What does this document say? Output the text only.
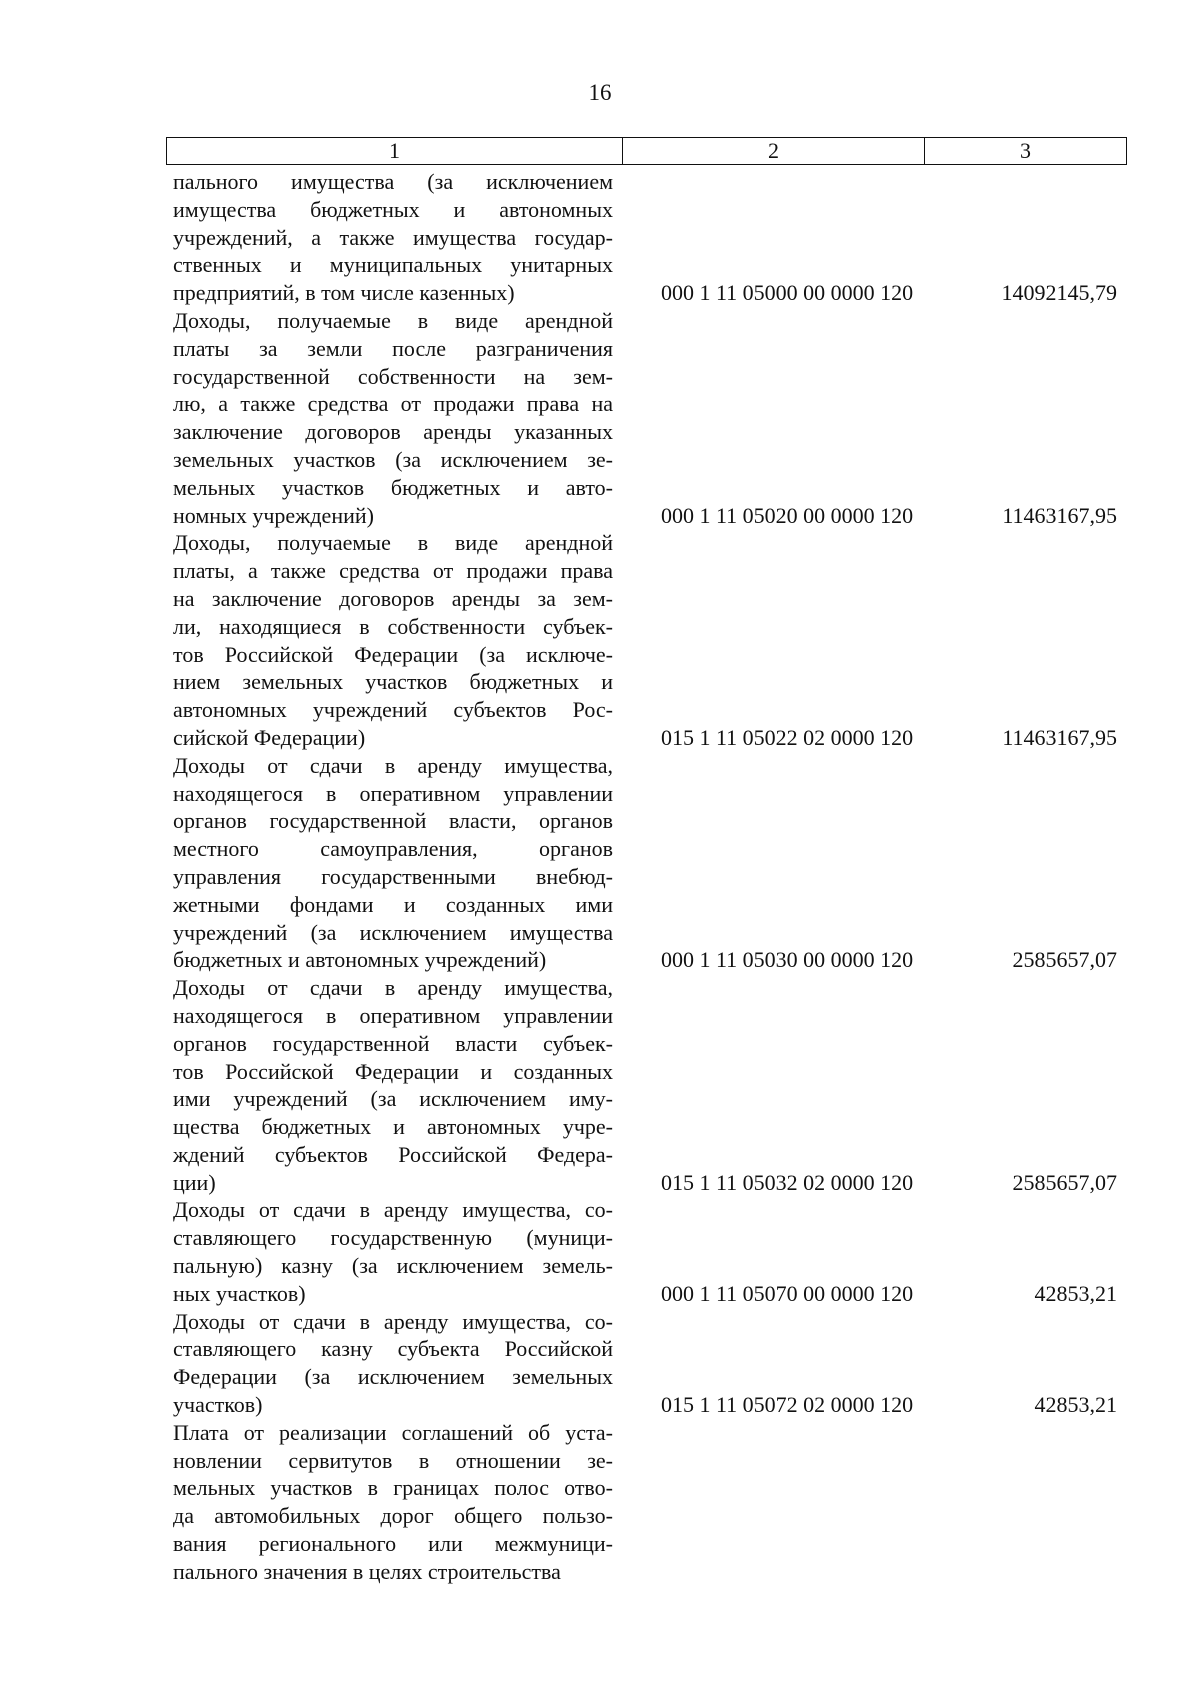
16
1	2	3
пального имущества (за исключением
имущества бюджетных и автономных
учреждений, а также имущества государ-
ственных и муниципальных унитарных
предприятий, в том числе казенных)	000 1 11 05000 00 0000 120	14092145,79
Доходы, получаемые в виде арендной
платы за земли после разграничения
государственной собственности на зем-
лю, а также средства от продажи права на
заключение договоров аренды указанных
земельных участков (за исключением зе-
мельных участков бюджетных и авто-
номных учреждений)	000 1 11 05020 00 0000 120	11463167,95
Доходы, получаемые в виде арендной
платы, а также средства от продажи права
на заключение договоров аренды за зем-
ли, находящиеся в собственности субъек-
тов Российской Федерации (за исключе-
нием земельных участков бюджетных и
автономных учреждений субъектов Рос-
сийской Федерации)	015 1 11 05022 02 0000 120	11463167,95
Доходы от сдачи в аренду имущества,
находящегося в оперативном управлении
органов государственной власти, органов
местного самоуправления, органов
управления государственными внебюд-
жетными фондами и созданных ими
учреждений (за исключением имущества
бюджетных и автономных учреждений)	000 1 11 05030 00 0000 120	2585657,07
Доходы от сдачи в аренду имущества,
находящегося в оперативном управлении
органов государственной власти субъек-
тов Российской Федерации и созданных
ими учреждений (за исключением иму-
щества бюджетных и автономных учре-
ждений субъектов Российской Федера-
ции)	015 1 11 05032 02 0000 120	2585657,07
Доходы от сдачи в аренду имущества, со-
ставляющего государственную (муници-
пальную) казну (за исключением земель-
ных участков)	000 1 11 05070 00 0000 120	42853,21
Доходы от сдачи в аренду имущества, со-
ставляющего казну субъекта Российской
Федерации (за исключением земельных
участков)	015 1 11 05072 02 0000 120	42853,21
Плата от реализации соглашений об уста-
новлении сервитутов в отношении зе-
мельных участков в границах полос отво-
да автомобильных дорог общего пользо-
вания регионального или межмуници-
пального значения в целях строительства
